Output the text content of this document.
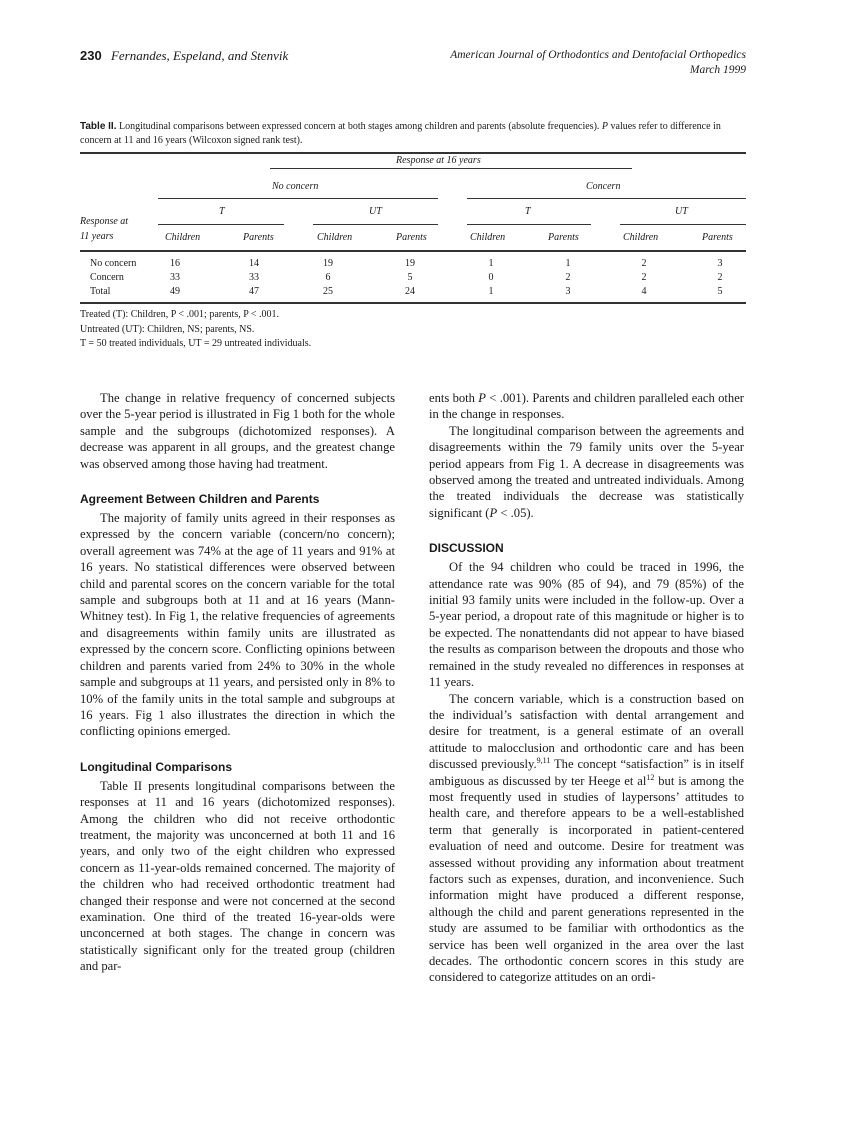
230 Fernandes, Espeland, and Stenvik	American Journal of Orthodontics and Dentofacial Orthopedics
March 1999
Table II. Longitudinal comparisons between expressed concern at both stages among children and parents (absolute frequencies). P values refer to difference in concern at 11 and 16 years (Wilcoxon signed rank test).
Response at 16 years
No concern	Concern
T	UT	T	UT
Response at
11 years	Children	Parents	Children	Parents	Children	Parents	Children	Parents
No concern	16	14	19	19	1	1	2	3
Concern	33	33	6	5	0	2	2	2
Total	49	47	25	24	1	3	4	5
Treated (T): Children, P < .001; parents, P < .001.
Untreated (UT): Children, NS; parents, NS.
T = 50 treated individuals, UT = 29 untreated individuals.

The change in relative frequency of concerned subjects over the 5-year period is illustrated in Fig 1 both for the whole sample and the subgroups (dichotomized responses). A decrease was apparent in all groups, and the greatest change was observed among those having had treatment.

Agreement Between Children and Parents

The majority of family units agreed in their responses as expressed by the concern variable (concern/no concern); overall agreement was 74% at the age of 11 years and 91% at 16 years. No statistical differences were observed between child and parental scores on the concern variable for the total sample and subgroups both at 11 and at 16 years (Mann-Whitney test). In Fig 1, the relative frequencies of agreements and disagreements within family units are illustrated as expressed by the concern score. Conflicting opinions between children and parents varied from 24% to 30% in the whole sample and subgroups at 11 years, and persisted only in 8% to 10% of the family units in the total sample and subgroups at 16 years. Fig 1 also illustrates the direction in which the conflicting opinions emerged.

Longitudinal Comparisons

Table II presents longitudinal comparisons between the responses at 11 and 16 years (dichotomized responses). Among the children who did not receive orthodontic treatment, the majority was unconcerned at both 11 and 16 years, and only two of the eight children who expressed concern as 11-year-olds remained concerned. The majority of the children who had received orthodontic treatment had changed their response and were not concerned at the second examination. One third of the treated 16-year-olds were unconcerned at both stages. The change in concern was statistically significant only for the treated group (children and par-

ents both P < .001). Parents and children paralleled each other in the change in responses.

The longitudinal comparison between the agreements and disagreements within the 79 family units over the 5-year period appears from Fig 1. A decrease in disagreements was observed among the treated and untreated individuals. Among the treated individuals the decrease was statistically significant (P < .05).

DISCUSSION

Of the 94 children who could be traced in 1996, the attendance rate was 90% (85 of 94), and 79 (85%) of the initial 93 family units were included in the follow-up. Over a 5-year period, a dropout rate of this magnitude or higher is to be expected. The nonattendants did not appear to have biased the results as comparison between the dropouts and those who remained in the study revealed no differences in responses at 11 years.

The concern variable, which is a construction based on the individual’s satisfaction with dental arrangement and desire for treatment, is a general estimate of an overall attitude to malocclusion and orthodontic care and has been discussed previously.$^{9,11}$ The concept “satisfaction” is in itself ambiguous as discussed by ter Heege et $al^{12}$ but is among the most frequently used in studies of laypersons’ attitudes to health care, and therefore appears to be a well-established term that generally is incorporated in patient-centered evaluation of need and outcome. Desire for treatment was assessed without providing any information about treatment factors such as expenses, duration, and inconvenience. Such information might have produced a different response, although the child and parent generations represented in the study are assumed to be familiar with orthodontics as the service has been well organized in the area over the last decades. The orthodontic concern scores in this study are considered to categorize attitudes on an ordi-
